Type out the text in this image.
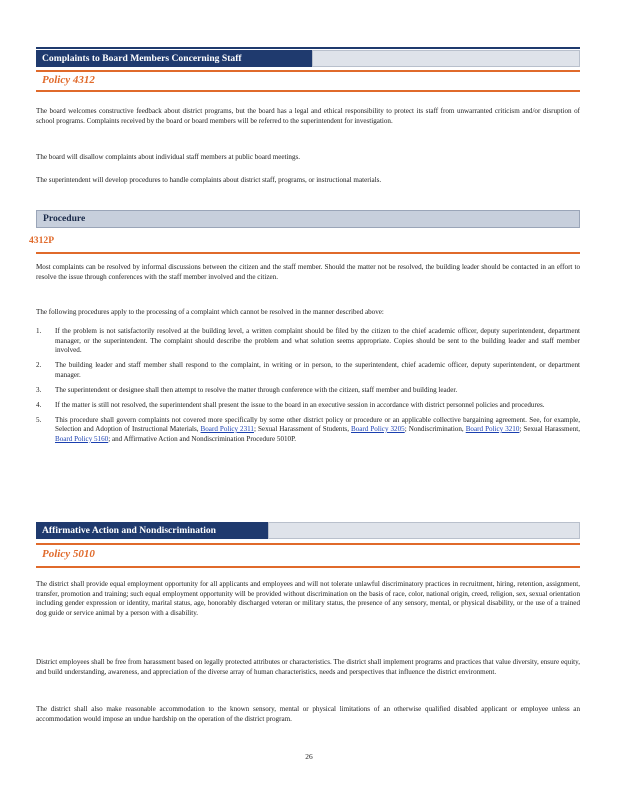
Complaints to Board Members Concerning Staff
Policy 4312
The board welcomes constructive feedback about district programs, but the board has a legal and ethical responsibility to protect its staff from unwarranted criticism and/or disruption of school programs. Complaints received by the board or board members will be referred to the superintendent for investigation.
The board will disallow complaints about individual staff members at public board meetings.
The superintendent will develop procedures to handle complaints about district staff, programs, or instructional materials.
Procedure
4312P
Most complaints can be resolved by informal discussions between the citizen and the staff member. Should the matter not be resolved, the building leader should be contacted in an effort to resolve the issue through conferences with the staff member involved and the citizen.
The following procedures apply to the processing of a complaint which cannot be resolved in the manner described above:
1. If the problem is not satisfactorily resolved at the building level, a written complaint should be filed by the citizen to the chief academic officer, deputy superintendent, department manager, or the superintendent. The complaint should describe the problem and what solution seems appropriate. Copies should be sent to the building leader and staff member involved.
2. The building leader and staff member shall respond to the complaint, in writing or in person, to the superintendent, chief academic officer, deputy superintendent, or department manager.
3. The superintendent or designee shall then attempt to resolve the matter through conference with the citizen, staff member and building leader.
4. If the matter is still not resolved, the superintendent shall present the issue to the board in an executive session in accordance with district personnel policies and procedures.
5. This procedure shall govern complaints not covered more specifically by some other district policy or procedure or an applicable collective bargaining agreement. See, for example, Selection and Adoption of Instructional Materials, Board Policy 2311; Sexual Harassment of Students, Board Policy 3205; Nondiscrimination, Board Policy 3210; Sexual Harassment, Board Policy 5160; and Affirmative Action and Nondiscrimination Procedure 5010P.
Affirmative Action and Nondiscrimination
Policy 5010
The district shall provide equal employment opportunity for all applicants and employees and will not tolerate unlawful discriminatory practices in recruitment, hiring, retention, assignment, transfer, promotion and training; such equal employment opportunity will be provided without discrimination on the basis of race, color, national origin, creed, religion, sex, sexual orientation including gender expression or identity, marital status, age, honorably discharged veteran or military status, the presence of any sensory, mental, or physical disability, or the use of a trained dog guide or service animal by a person with a disability.
District employees shall be free from harassment based on legally protected attributes or characteristics. The district shall implement programs and practices that value diversity, ensure equity, and build understanding, awareness, and appreciation of the diverse array of human characteristics, needs and perspectives that influence the district environment.
The district shall also make reasonable accommodation to the known sensory, mental or physical limitations of an otherwise qualified disabled applicant or employee unless an accommodation would impose an undue hardship on the operation of the district program.
26
